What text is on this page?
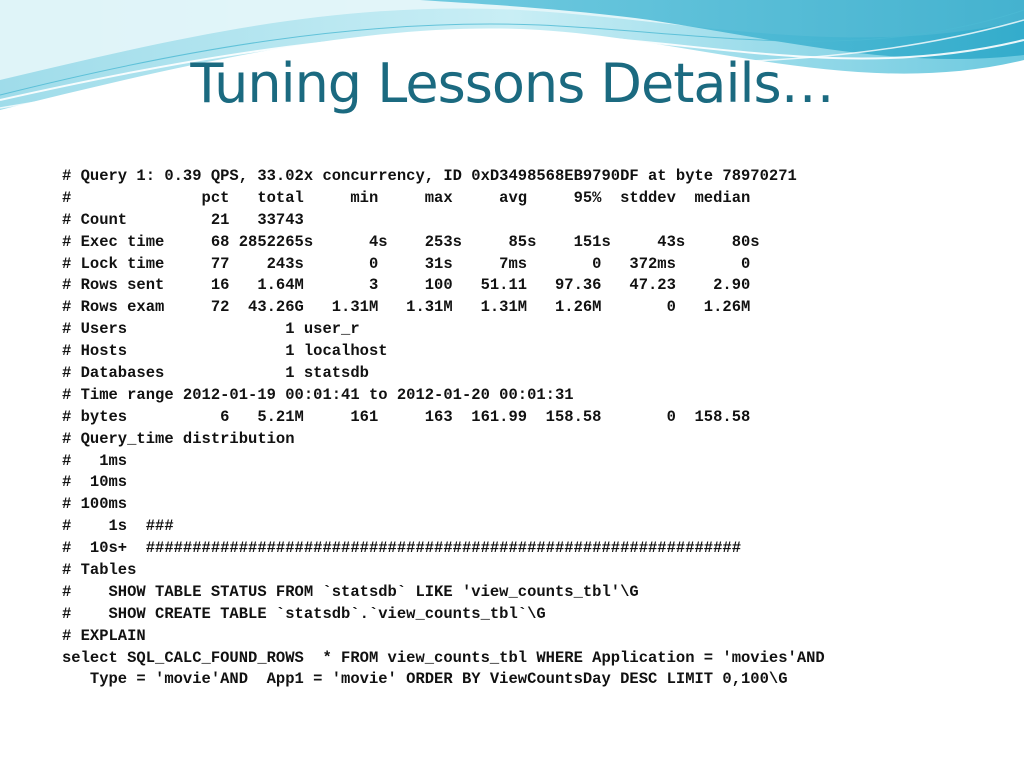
Tuning Lessons Details…
# Query 1: 0.39 QPS, 33.02x concurrency, ID 0xD3498568EB9790DF at byte 78970271
#              pct   total     min     max     avg     95%  stddev  median
# Count         21   33743
# Exec time     68 2852265s      4s    253s     85s    151s     43s     80s
# Lock time     77    243s       0     31s     7ms       0   372ms       0
# Rows sent     16   1.64M       3     100   51.11   97.36   47.23    2.90
# Rows exam     72  43.26G   1.31M   1.31M   1.31M   1.26M       0   1.26M
# Users                 1 user_r
# Hosts                 1 localhost
# Databases             1 statsdb
# Time range 2012-01-19 00:01:41 to 2012-01-20 00:01:31
# bytes          6   5.21M     161     163  161.99  158.58       0  158.58
# Query_time distribution
#   1ms
#  10ms
# 100ms
#    1s  ###
#  10s+  ################################################################
# Tables
#    SHOW TABLE STATUS FROM `statsdb` LIKE 'view_counts_tbl'\G
#    SHOW CREATE TABLE `statsdb`.`view_counts_tbl`\G
# EXPLAIN
select SQL_CALC_FOUND_ROWS  * FROM view_counts_tbl WHERE Application = 'movies'AND
Type = 'movie'AND  App1 = 'movie' ORDER BY ViewCountsDay DESC LIMIT 0,100\G
